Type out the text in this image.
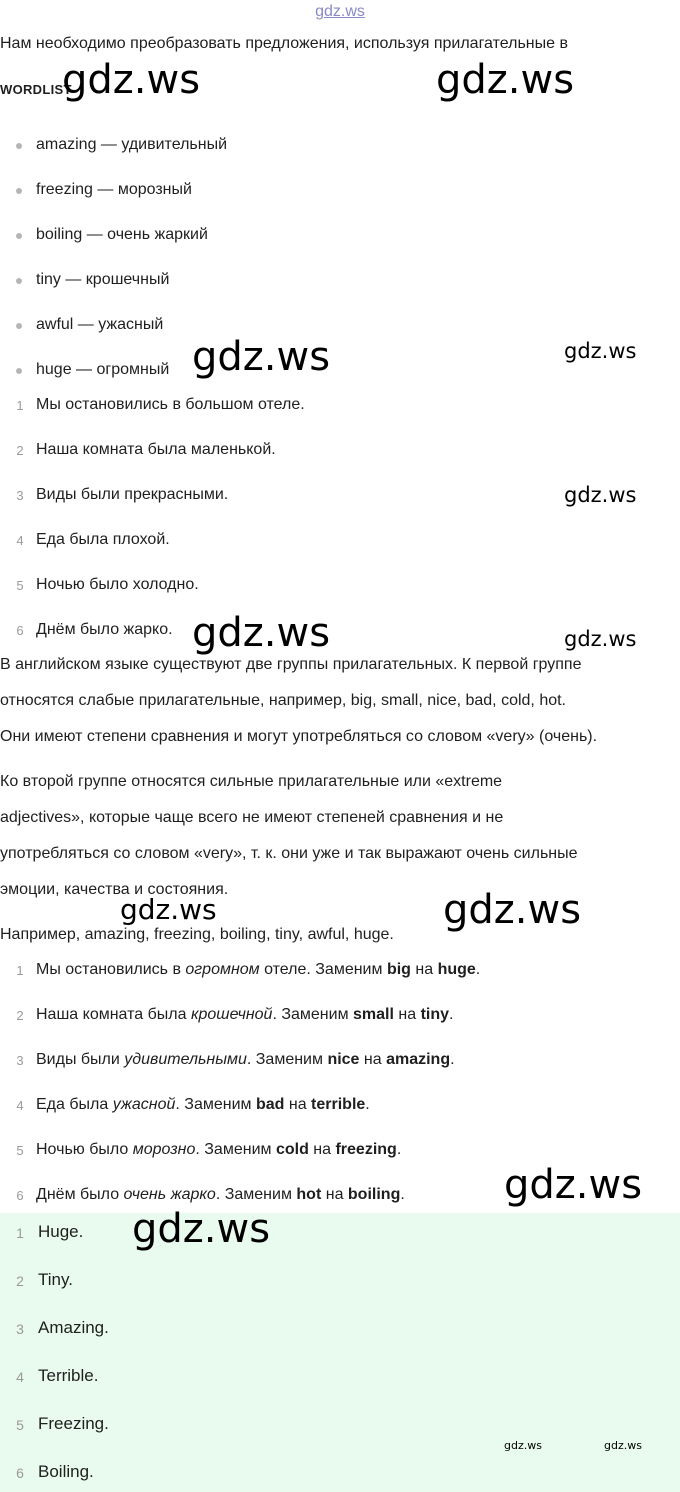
gdz.ws
Нам необходимо преобразовать предложения, используя прилагательные в
WORDLIST
amazing — удивительный
freezing — морозный
boiling — очень жаркий
tiny — крошечный
awful — ужасный
huge — огромный
1 Мы остановились в большом отеле.
2 Наша комната была маленькой.
3 Виды были прекрасными.
4 Еда была плохой.
5 Ночью было холодно.
6 Днём было жарко.
В английском языке существуют две группы прилагательных. К первой группе
относятся слабые прилагательные, например, big, small, nice, bad, cold, hot.
Они имеют степени сравнения и могут употребляться со словом «very» (очень).
Ко второй группе относятся сильные прилагательные или «extreme
adjectives», которые чаще всего не имеют степеней сравнения и не
употребляться со словом «very», т. к. они уже и так выражают очень сильные
эмоции, качества и состояния.
Например, amazing, freezing, boiling, tiny, awful, huge.
1 Мы остановились в огромном отеле. Заменим big на huge.
2 Наша комната была крошечной. Заменим small на tiny.
3 Виды были удивительными. Заменим nice на amazing.
4 Еда была ужасной. Заменим bad на terrible.
5 Ночью было морозно. Заменим cold на freezing.
6 Днём было очень жарко. Заменим hot на boiling.
1 Huge.
2 Tiny.
3 Amazing.
4 Terrible.
5 Freezing.
6 Boiling.
gdz.ws	gdz.ws
gdz.ws	gdz.ws
gdz.ws
gdz.ws	gdz.ws
gdz.ws	gdz.ws
gdz.ws
gdz.ws
gdz.ws	gdz.ws
